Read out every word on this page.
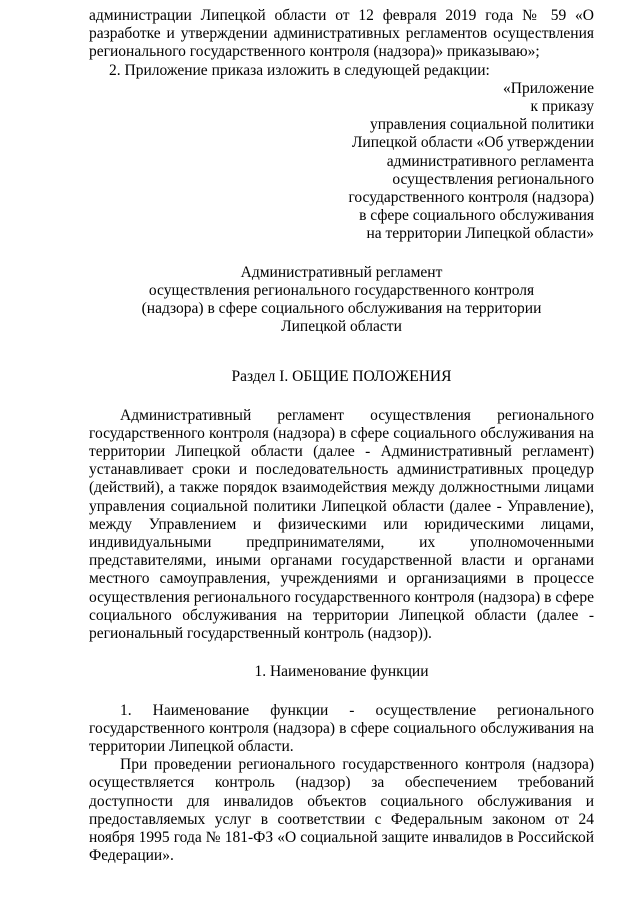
администрации Липецкой области от 12 февраля 2019 года № 59 «О разработке и утверждении административных регламентов осуществления регионального государственного контроля (надзора)» приказываю»;

2. Приложение приказа изложить в следующей редакции:

«Приложение

к приказу

управления социальной политики

Липецкой области «Об утверждении

административного регламента

осуществления регионального

государственного контроля (надзора)

в сфере социального обслуживания

на территории Липецкой области»

Административный регламент

осуществления регионального государственного контроля

(надзора) в сфере социального обслуживания на территории

Липецкой области

Раздел I. ОБЩИЕ ПОЛОЖЕНИЯ

Административный регламент осуществления регионального государственного контроля (надзора) в сфере социального обслуживания на территории Липецкой области (далее - Административный регламент) устанавливает сроки и последовательность административных процедур (действий), а также порядок взаимодействия между должностными лицами управления социальной политики Липецкой области (далее - Управление), между Управлением и физическими или юридическими лицами, индивидуальными предпринимателями, их уполномоченными представителями, иными органами государственной власти и органами местного самоуправления, учреждениями и организациями в процессе осуществления регионального государственного контроля (надзора) в сфере социального обслуживания на территории Липецкой области (далее - региональный государственный контроль (надзор)).

1. Наименование функции

1. Наименование функции - осуществление регионального государственного контроля (надзора) в сфере социального обслуживания на территории Липецкой области.

При проведении регионального государственного контроля (надзора) осуществляется контроль (надзор) за обеспечением требований доступности для инвалидов объектов социального обслуживания и предоставляемых услуг в соответствии с Федеральным законом от 24 ноября 1995 года № 181-ФЗ «О социальной защите инвалидов в Российской Федерации».
